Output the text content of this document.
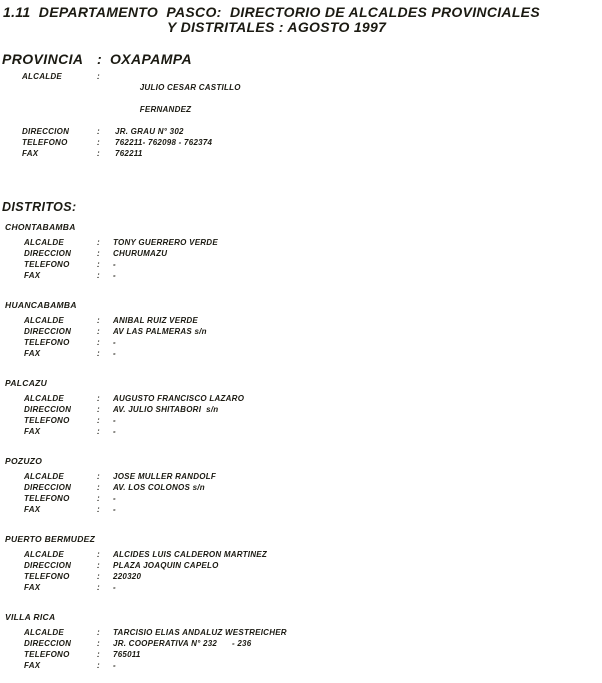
1.11  DEPARTAMENTO  PASCO:  DIRECTORIO DE ALCALDES PROVINCIALES
Y DISTRITALES : AGOSTO 1997
PROVINCIA : OXAPAMPA
ALCALDE	:

JULIO CESAR CASTILLO

FERNANDEZ

DIRECCION	:	JR. GRAU N° 302
TELEFONO	:	762211- 762098 - 762374
FAX	:	762211
DISTRITOS:
CHONTABAMBA
ALCALDE	:	TONY GUERRERO VERDE
DIRECCION	:	CHURUMAZU
TELEFONO	:	-
FAX	:	-
HUANCABAMBA
ALCALDE	:	ANIBAL RUIZ VERDE
DIRECCION	:	AV LAS PALMERAS s/n
TELEFONO	:	-
FAX	:	-
PALCAZU
ALCALDE	:	AUGUSTO FRANCISCO LAZARO
DIRECCION	:	AV. JULIO SHITABORI  s/n
TELEFONO	:	-
FAX	:	-
POZUZO
ALCALDE	:	JOSE MULLER RANDOLF
DIRECCION	:	AV. LOS COLONOS s/n
TELEFONO	:	-
FAX	:	-
PUERTO BERMUDEZ
ALCALDE	:	ALCIDES LUIS CALDERON MARTINEZ
DIRECCION	:	PLAZA JOAQUIN CAPELO
TELEFONO	:	220320
FAX	:	-
VILLA RICA
ALCALDE	:	TARCISIO ELIAS ANDALUZ WESTREICHER
DIRECCION	:	JR. COOPERATIVA N° 232      - 236
TELEFONO	:	765011
FAX	:	-
